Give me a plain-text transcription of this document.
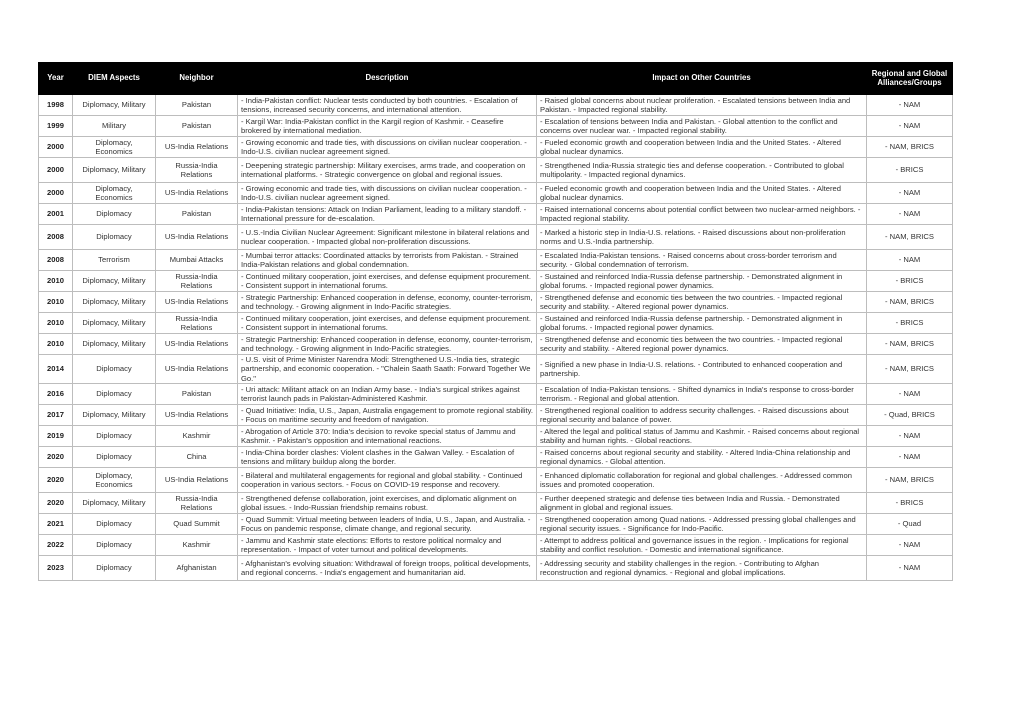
Year	DIEM Aspects	Neighbor	Description	Impact on Other Countries	Regional and Global Alliances/Groups

1998	Diplomacy, Military	Pakistan	- India-Pakistan conflict: Nuclear tests conducted by both countries. - Escalation of tensions, increased security concerns, and international attention.	- Raised global concerns about nuclear proliferation. - Escalated tensions between India and Pakistan. - Impacted regional stability.	- NAM

1999	Military	Pakistan	- Kargil War: India-Pakistan conflict in the Kargil region of Kashmir. - Ceasefire brokered by international mediation.	- Escalation of tensions between India and Pakistan. - Global attention to the conflict and concerns over nuclear war. - Impacted regional stability.	- NAM

2000	Diplomacy, Economics	US-India Relations	- Growing economic and trade ties, with discussions on civilian nuclear cooperation. - Indo-U.S. civilian nuclear agreement signed.	- Fueled economic growth and cooperation between India and the United States. - Altered global nuclear dynamics.	- NAM, BRICS

2000	Diplomacy, Military	Russia-India Relations	- Deepening strategic partnership: Military exercises, arms trade, and cooperation on international platforms. - Strategic convergence on global and regional issues.	- Strengthened India-Russia strategic ties and defense cooperation. - Contributed to global multipolarity. - Impacted regional dynamics.	- BRICS

2000	Diplomacy, Economics	US-India Relations	- Growing economic and trade ties, with discussions on civilian nuclear cooperation. - Indo-U.S. civilian nuclear agreement signed.	- Fueled economic growth and cooperation between India and the United States. - Altered global nuclear dynamics.	- NAM

2001	Diplomacy	Pakistan	- India-Pakistan tensions: Attack on Indian Parliament, leading to a military standoff. - International pressure for de-escalation.	- Raised international concerns about potential conflict between two nuclear-armed neighbors. - Impacted regional stability.	- NAM

2008	Diplomacy	US-India Relations	- U.S.-India Civilian Nuclear Agreement: Significant milestone in bilateral relations and nuclear cooperation. - Impacted global non-proliferation discussions.	- Marked a historic step in India-U.S. relations. - Raised discussions about non-proliferation norms and U.S.-India partnership.	- NAM, BRICS

2008	Terrorism	Mumbai Attacks	- Mumbai terror attacks: Coordinated attacks by terrorists from Pakistan. - Strained India-Pakistan relations and global condemnation.	- Escalated India-Pakistan tensions. - Raised concerns about cross-border terrorism and security. - Global condemnation of terrorism.	- NAM

2010	Diplomacy, Military	Russia-India Relations	- Continued military cooperation, joint exercises, and defense equipment procurement. - Consistent support in international forums.	- Sustained and reinforced India-Russia defense partnership. - Demonstrated alignment in global forums. - Impacted regional power dynamics.	- BRICS

2010	Diplomacy, Military	US-India Relations	- Strategic Partnership: Enhanced cooperation in defense, economy, counter-terrorism, and technology. - Growing alignment in Indo-Pacific strategies.	- Strengthened defense and economic ties between the two countries. - Impacted regional security and stability. - Altered regional power dynamics.	- NAM, BRICS

2010	Diplomacy, Military	Russia-India Relations	- Continued military cooperation, joint exercises, and defense equipment procurement. - Consistent support in international forums.	- Sustained and reinforced India-Russia defense partnership. - Demonstrated alignment in global forums. - Impacted regional power dynamics.	- BRICS

2010	Diplomacy, Military	US-India Relations	- Strategic Partnership: Enhanced cooperation in defense, economy, counter-terrorism, and technology. - Growing alignment in Indo-Pacific strategies.	- Strengthened defense and economic ties between the two countries. - Impacted regional security and stability. - Altered regional power dynamics.	- NAM, BRICS

2014	Diplomacy	US-India Relations	- U.S. visit of Prime Minister Narendra Modi: Strengthened U.S.-India ties, strategic partnership, and economic cooperation. - "Chalein Saath Saath: Forward Together We Go."	- Signified a new phase in India-U.S. relations. - Contributed to enhanced cooperation and partnership.	- NAM, BRICS

2016	Diplomacy	Pakistan	- Uri attack: Militant attack on an Indian Army base. - India's surgical strikes against terrorist launch pads in Pakistan-Administered Kashmir.	- Escalation of India-Pakistan tensions. - Shifted dynamics in India's response to cross-border terrorism. - Regional and global attention.	- NAM

2017	Diplomacy, Military	US-India Relations	- Quad Initiative: India, U.S., Japan, Australia engagement to promote regional stability. - Focus on maritime security and freedom of navigation.	- Strengthened regional coalition to address security challenges. - Raised discussions about regional security and balance of power.	- Quad, BRICS

2019	Diplomacy	Kashmir	- Abrogation of Article 370: India's decision to revoke special status of Jammu and Kashmir. - Pakistan's opposition and international reactions.	- Altered the legal and political status of Jammu and Kashmir. - Raised concerns about regional stability and human rights. - Global reactions.	- NAM

2020	Diplomacy	China	- India-China border clashes: Violent clashes in the Galwan Valley. - Escalation of tensions and military buildup along the border.	- Raised concerns about regional security and stability. - Altered India-China relationship and regional dynamics. - Global attention.	- NAM

2020	Diplomacy, Economics	US-India Relations	- Bilateral and multilateral engagements for regional and global stability. - Continued cooperation in various sectors. - Focus on COVID-19 response and recovery.	- Enhanced diplomatic collaboration for regional and global challenges. - Addressed common issues and promoted cooperation.	- NAM, BRICS

2020	Diplomacy, Military	Russia-India Relations	- Strengthened defense collaboration, joint exercises, and diplomatic alignment on global issues. - Indo-Russian friendship remains robust.	- Further deepened strategic and defense ties between India and Russia. - Demonstrated alignment in global and regional issues.	- BRICS

2021	Diplomacy	Quad Summit	- Quad Summit: Virtual meeting between leaders of India, U.S., Japan, and Australia. - Focus on pandemic response, climate change, and regional security.	- Strengthened cooperation among Quad nations. - Addressed pressing global challenges and regional security issues. - Significance for Indo-Pacific.	- Quad

2022	Diplomacy	Kashmir	- Jammu and Kashmir state elections: Efforts to restore political normalcy and representation. - Impact of voter turnout and political developments.	- Attempt to address political and governance issues in the region. - Implications for regional stability and conflict resolution. - Domestic and international significance.	- NAM

2023	Diplomacy	Afghanistan	- Afghanistan's evolving situation: Withdrawal of foreign troops, political developments, and regional concerns. - India's engagement and humanitarian aid.	- Addressing security and stability challenges in the region. - Contributing to Afghan reconstruction and regional dynamics. - Regional and global implications.	- NAM
